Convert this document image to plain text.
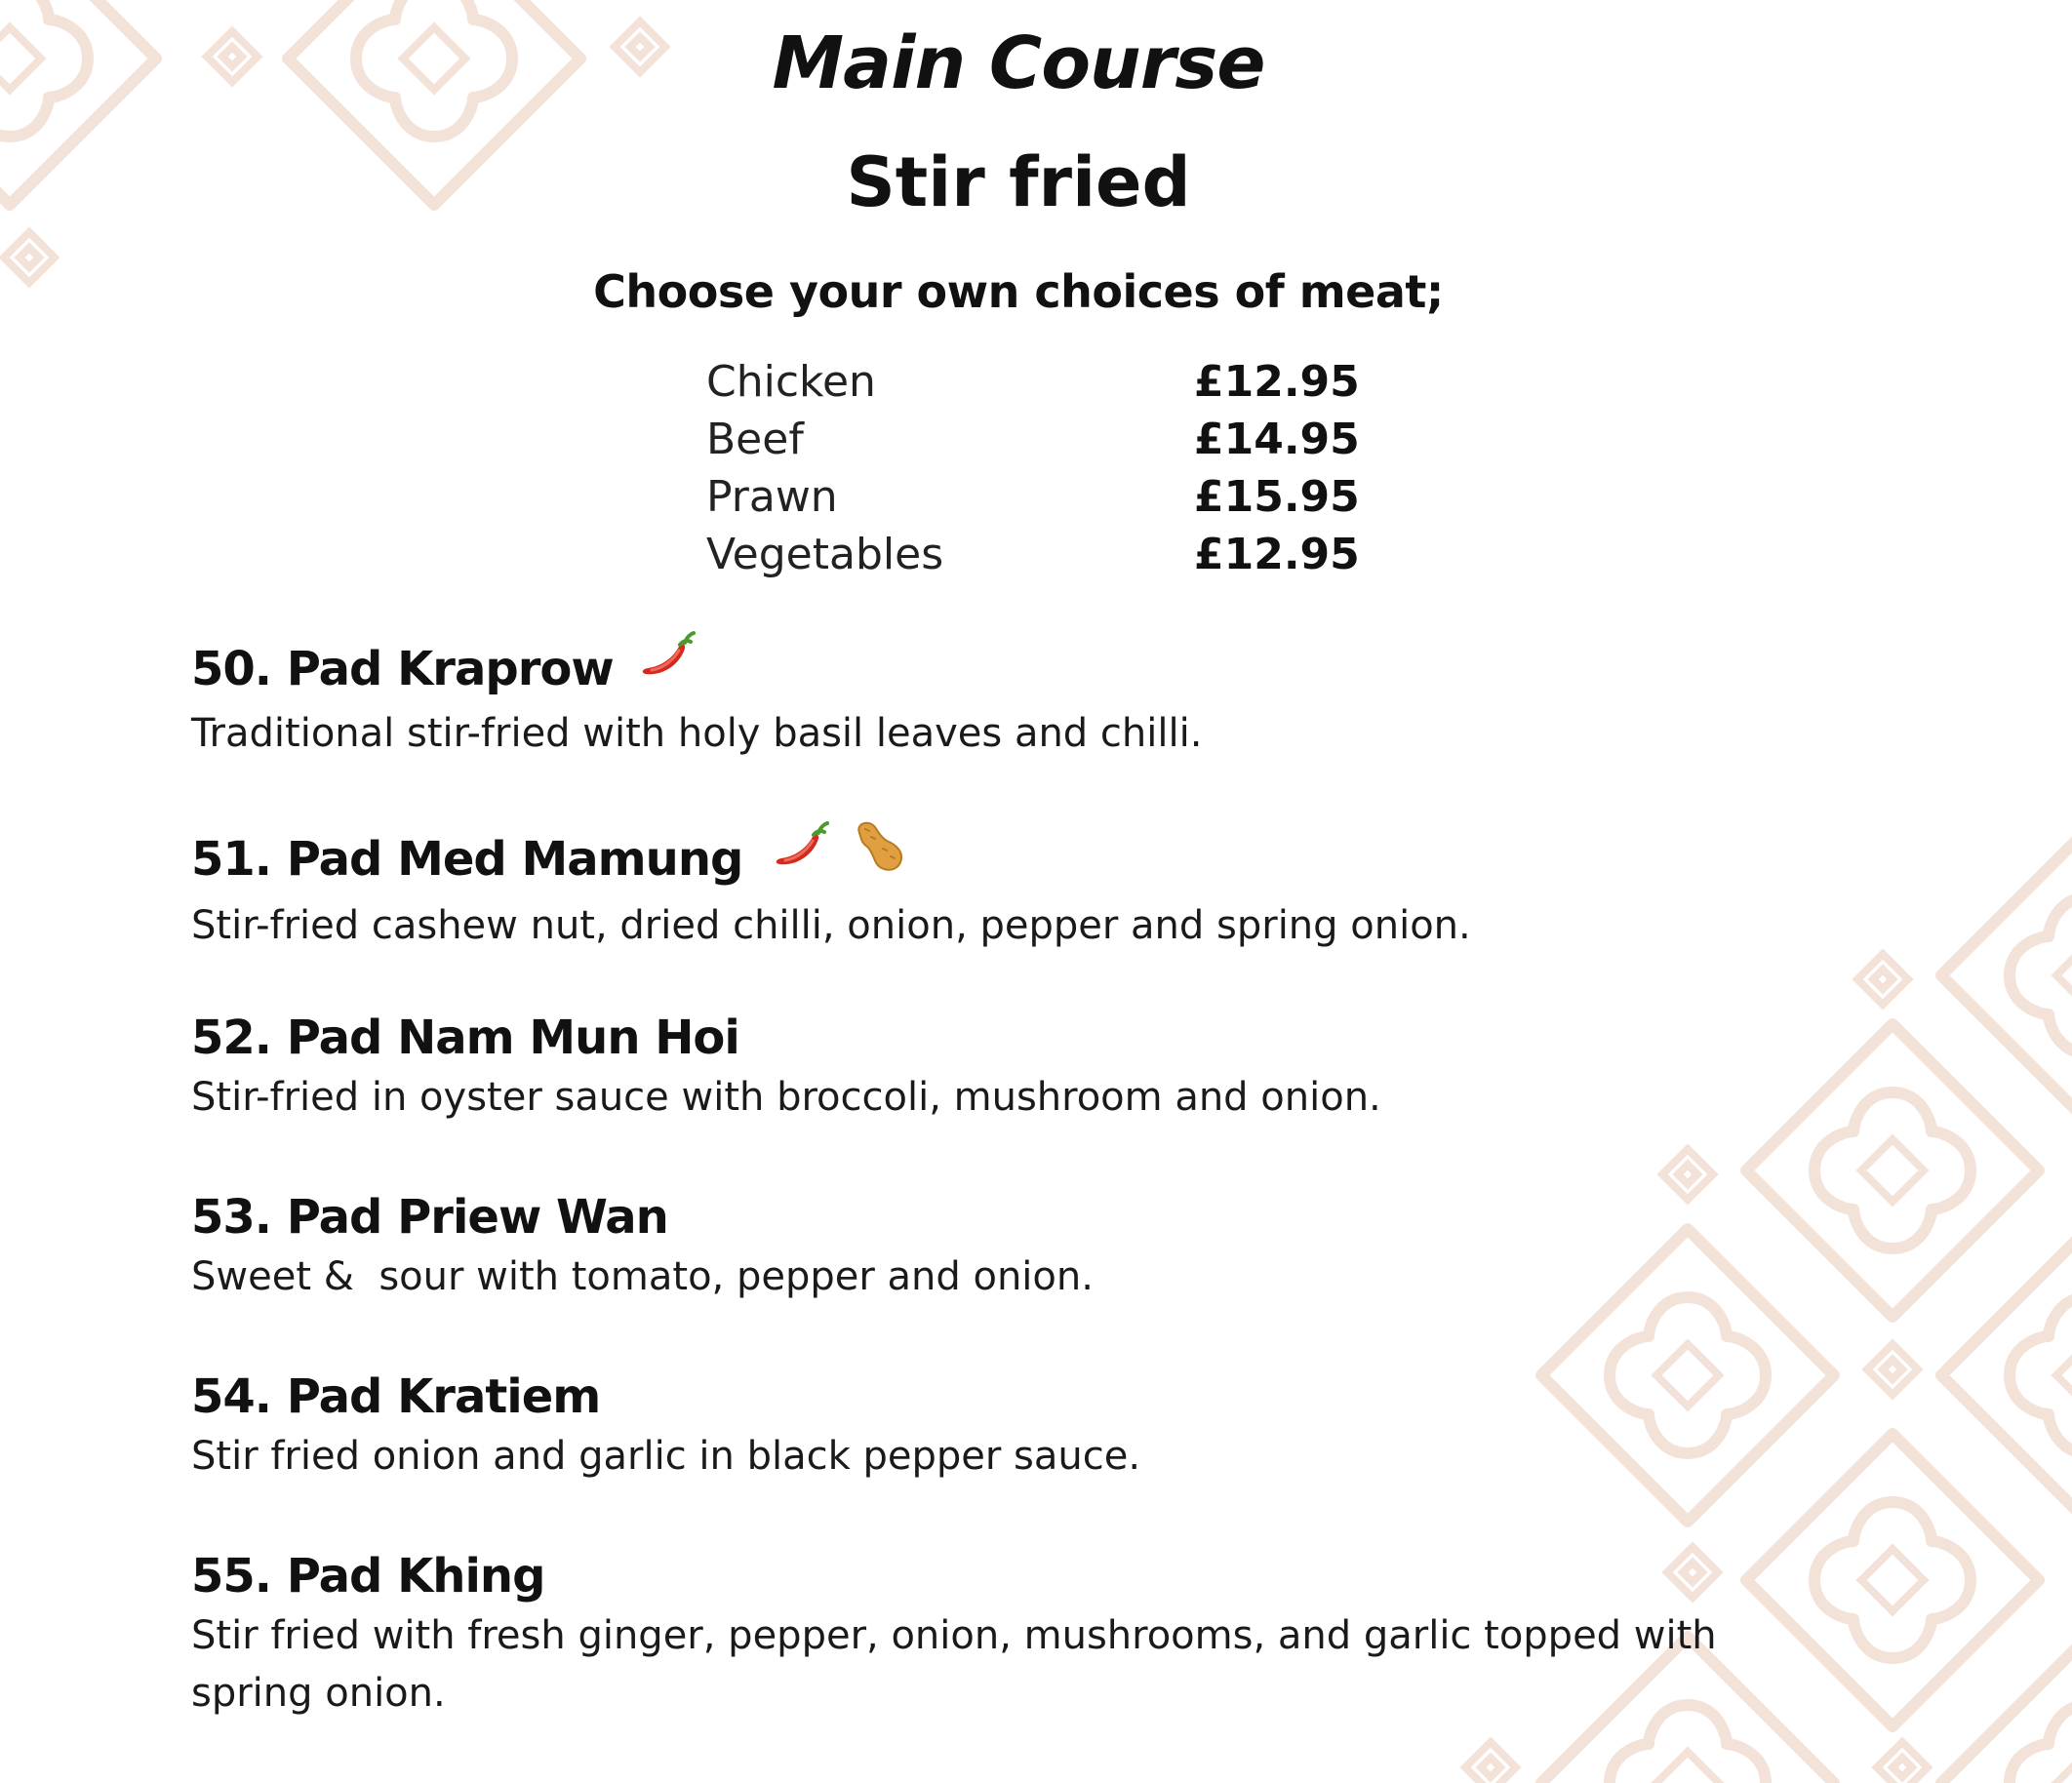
Main Course
Stir fried
Choose your own choices of meat;
Chicken	£12.95
Beef	£14.95
Prawn	£15.95
Vegetables	£12.95
50. Pad Kraprow
Traditional stir-fried with holy basil leaves and chilli.
51. Pad Med Mamung
Stir-fried cashew nut, dried chilli, onion, pepper and spring onion.
52. Pad Nam Mun Hoi
Stir-fried in oyster sauce with broccoli, mushroom and onion.
53. Pad Priew Wan
Sweet &  sour with tomato, pepper and onion.
54. Pad Kratiem
Stir fried onion and garlic in black pepper sauce.
55. Pad Khing
Stir fried with fresh ginger, pepper, onion, mushrooms, and garlic topped with spring onion.
